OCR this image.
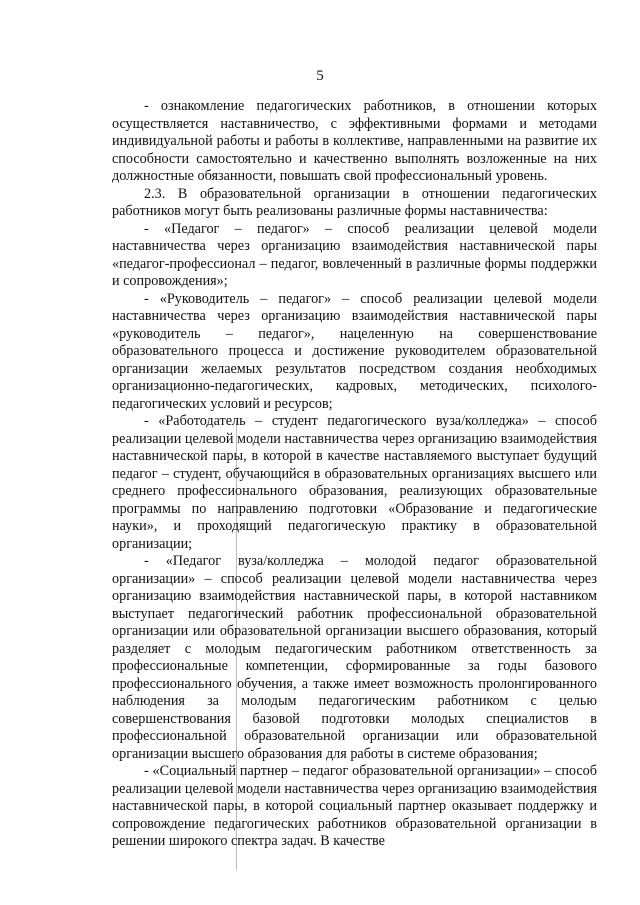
5

- ознакомление педагогических работников, в отношении которых осуществляется наставничество, с эффективными формами и методами индивидуальной работы и работы в коллективе, направленными на развитие их способности самостоятельно и качественно выполнять возложенные на них должностные обязанности, повышать свой профессиональный уровень.

2.3. В образовательной организации в отношении педагогических работников могут быть реализованы различные формы наставничества:

- «Педагог – педагог» – способ реализации целевой модели наставничества через организацию взаимодействия наставнической пары «педагог-профессионал – педагог, вовлеченный в различные формы поддержки и сопровождения»;

- «Руководитель – педагог» – способ реализации целевой модели наставничества через организацию взаимодействия наставнической пары «руководитель – педагог», нацеленную на совершенствование образовательного процесса и достижение руководителем образовательной организации желаемых результатов посредством создания необходимых организационно-педагогических, кадровых, методических, психолого-педагогических условий и ресурсов;

- «Работодатель – студент педагогического вуза/колледжа» – способ реализации целевой модели наставничества через организацию взаимодействия наставнической пары, в которой в качестве наставляемого выступает будущий педагог – студент, обучающийся в образовательных организациях высшего или среднего профессионального образования, реализующих образовательные программы по направлению подготовки «Образование и педагогические науки», и проходящий педагогическую практику в образовательной организации;

- «Педагог вуза/колледжа – молодой педагог образовательной организации» – способ реализации целевой модели наставничества через организацию взаимодействия наставнической пары, в которой наставником выступает педагогический работник профессиональной образовательной организации или образовательной организации высшего образования, который разделяет с молодым педагогическим работником ответственность за профессиональные компетенции, сформированные за годы базового профессионального обучения, а также имеет возможность пролонгированного наблюдения за молодым педагогическим работником с целью совершенствования базовой подготовки молодых специалистов в профессиональной образовательной организации или образовательной организации высшего образования для работы в системе образования;

- «Социальный партнер – педагог образовательной организации» – способ реализации целевой модели наставничества через организацию взаимодействия наставнической пары, в которой социальный партнер оказывает поддержку и сопровождение педагогических работников образовательной организации в решении широкого спектра задач. В качестве
